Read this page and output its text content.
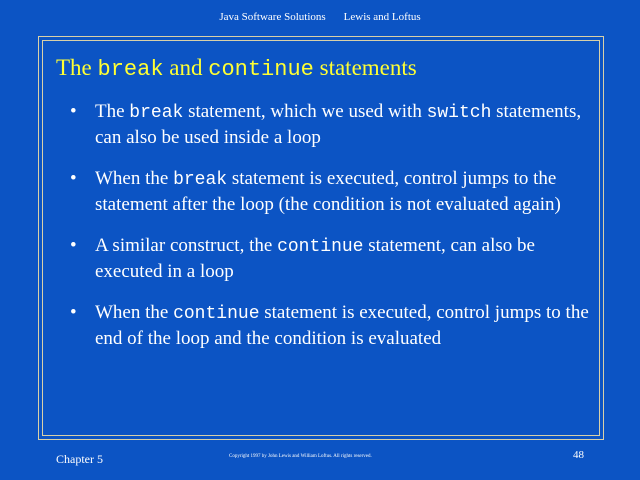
Java Software Solutions Lewis and Loftus
The break and continue statements
• The break statement, which we used with switch statements, can also be used inside a loop
• When the break statement is executed, control jumps to the statement after the loop (the condition is not evaluated again)
• A similar construct, the continue statement, can also be executed in a loop
• When the continue statement is executed, control jumps to the end of the loop and the condition is evaluated
Chapter 5	Copyright 1997 by John Lewis and William Loftus. All rights reserved.	48
